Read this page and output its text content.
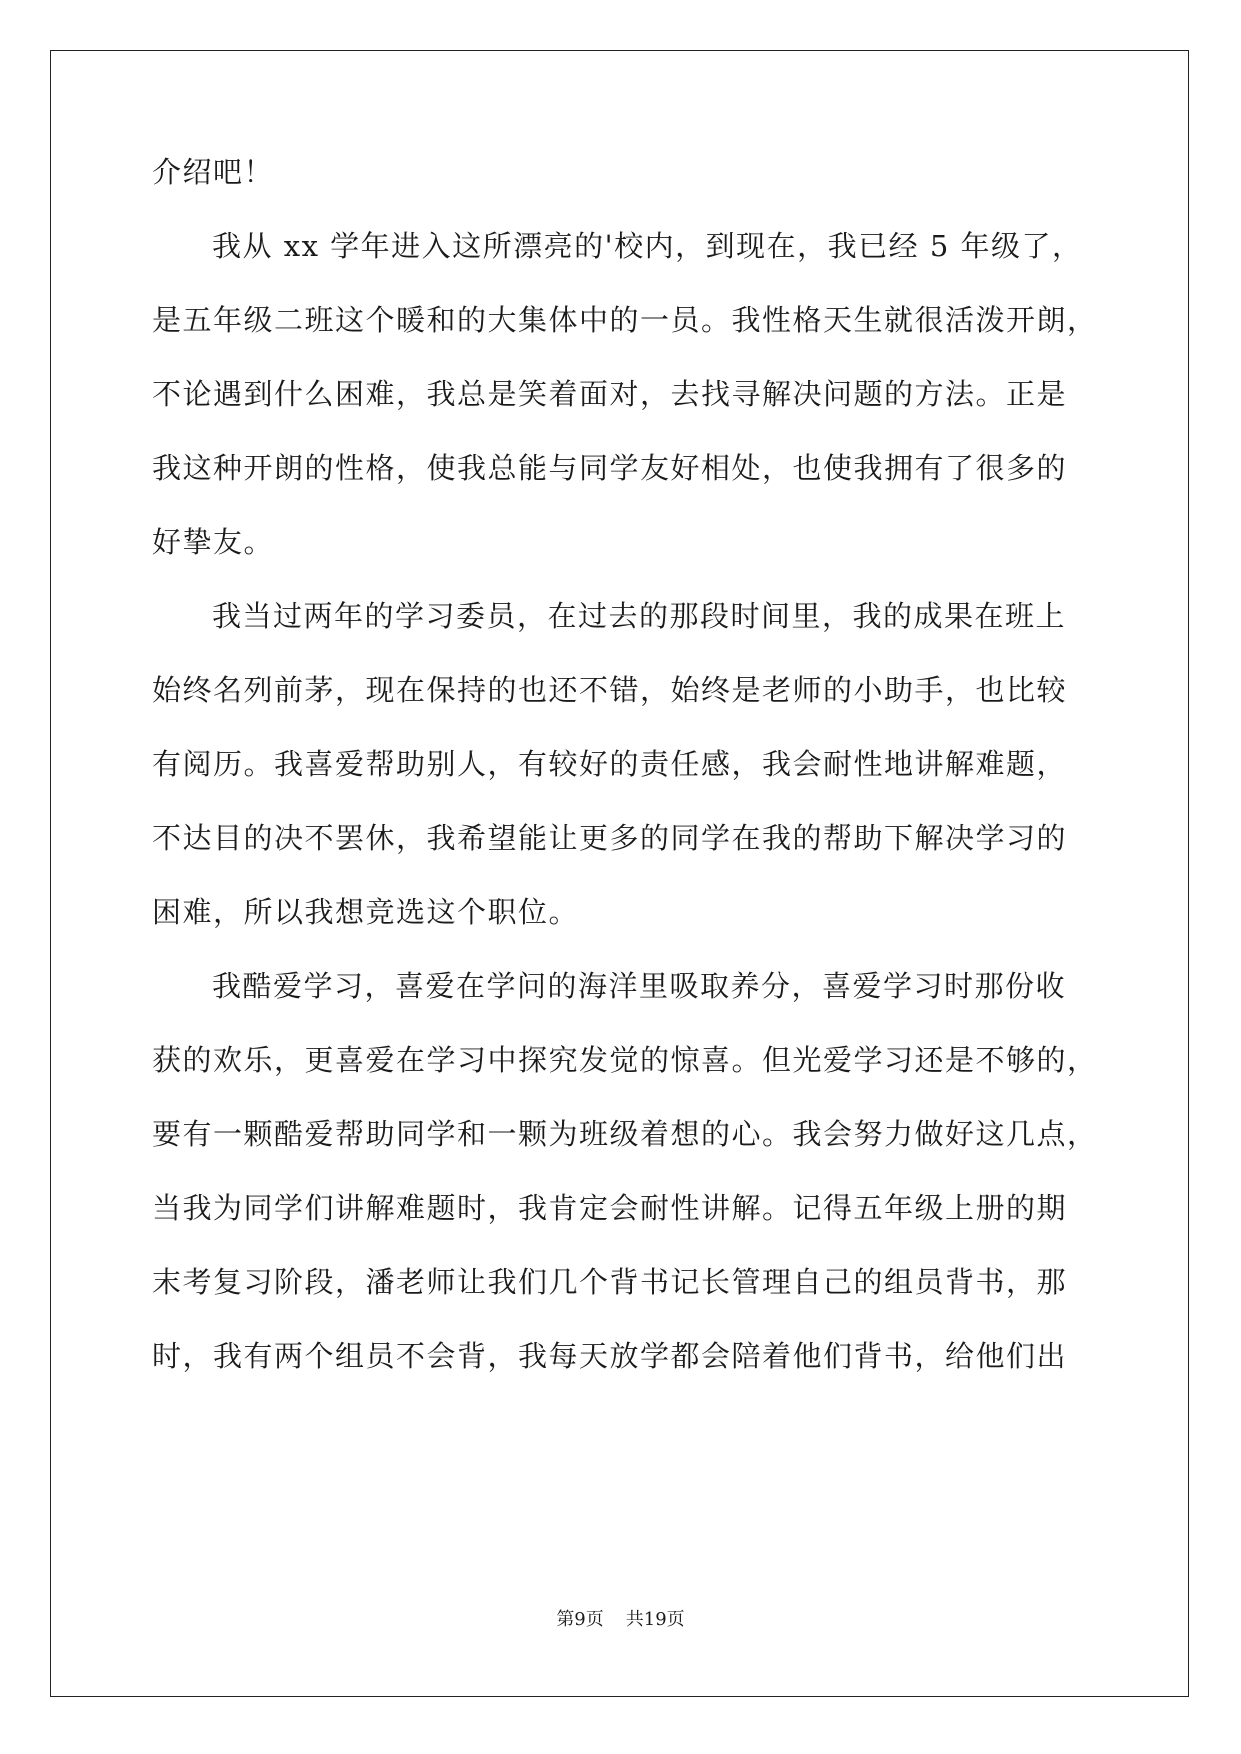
介绍吧！
我从 xx 学年进入这所漂亮的'校内，到现在，我已经 5 年级了，
是五年级二班这个暖和的大集体中的一员。我性格天生就很活泼开朗，
不论遇到什么困难，我总是笑着面对，去找寻解决问题的方法。正是
我这种开朗的性格，使我总能与同学友好相处，也使我拥有了很多的
好挚友。
我当过两年的学习委员，在过去的那段时间里，我的成果在班上
始终名列前茅，现在保持的也还不错，始终是老师的小助手，也比较
有阅历。我喜爱帮助别人，有较好的责任感，我会耐性地讲解难题，
不达目的决不罢休，我希望能让更多的同学在我的帮助下解决学习的
困难，所以我想竞选这个职位。
我酷爱学习，喜爱在学问的海洋里吸取养分，喜爱学习时那份收
获的欢乐，更喜爱在学习中探究发觉的惊喜。但光爱学习还是不够的，
要有一颗酷爱帮助同学和一颗为班级着想的心。我会努力做好这几点，
当我为同学们讲解难题时，我肯定会耐性讲解。记得五年级上册的期
末考复习阶段，潘老师让我们几个背书记长管理自己的组员背书，那
时，我有两个组员不会背，我每天放学都会陪着他们背书，给他们出
第9页 共19页
